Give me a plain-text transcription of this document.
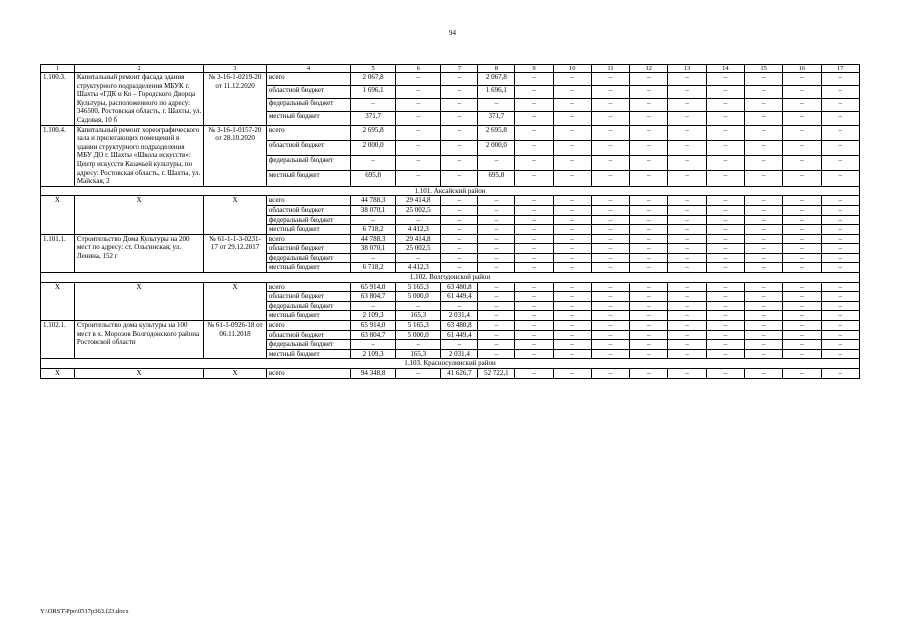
94
1	2	3	4	5	6	7	8	9	10	11	12	13	14	15	16	17
1.100.3.	Капитальный ремонт фасада здания структурного подразделения МБУК г. Шахты «ГДК и Ко – Городского Дворца Культуры, расположенного по адресу: 346500, Ростовская область, г. Шахты, ул. Садовая, 10 б	№ 3-16-1-0219-20 от 11.12.2020	всего	2 067,8	–	–	2 067,8	–	–	–	–	–	–	–	–	–
			областной бюджет	1 696,1	–	–	1 696,1	–	–	–	–	–	–	–	–	–
			федеральный бюджет	–	–	–	–	–	–	–	–	–	–	–	–	–
			местный бюджет	371,7	–	–	371,7	–	–	–	–	–	–	–	–	–
1.100.4.	Капитальный ремонт хореографического зала и прилегающих помещений в здании структурного подразделения МБУ ДО г. Шахты «Школа искусств»: Центр искусств Казачьей культуры, по адресу: Ростовская область, г. Шахты, ул. Майская, 2	№ 3-16-1-0157-20 от 28.10.2020	всего	2 695,8	–	–	2 695,8	–	–	–	–	–	–	–	–	–
			областной бюджет	2 000,0	–	–	2 000,0	–	–	–	–	–	–	–	–	–
			федеральный бюджет	–	–	–	–	–	–	–	–	–	–	–	–	–
			местный бюджет	695,8	–	–	695,8	–	–	–	–	–	–	–	–	–
1.101. Аксайский район																
X	X	X	всего	44 788,3	29 414,8	–	–	–	–	–	–	–	–	–	–	–
			областной бюджет	38 070,1	25 002,5	–	–	–	–	–	–	–	–	–	–	–
			федеральный бюджет	–	–	–	–	–	–	–	–	–	–	–	–	–
			местный бюджет	6 718,2	4 412,3	–	–	–	–	–	–	–	–	–	–	–
1.101.1.	Строительство Дома Культуры на 200 мест по адресу: ст. Ольгинская, ул. Ленина, 152 г	№ 61-1-1-3-0231-17 от 29.12.2017	всего	44 788,3	29 414,8	–	–	–	–	–	–	–	–	–	–	–
			областной бюджет	38 070,1	25 002,5	–	–	–	–	–	–	–	–	–	–	–
			федеральный бюджет	–	–	–	–	–	–	–	–	–	–	–	–	–
			местный бюджет	6 718,2	4 412,3	–	–	–	–	–	–	–	–	–	–	–
1.102. Волгодонской район																
X	X	X	всего	65 914,0	5 165,3	63 480,8	–	–	–	–	–	–	–	–	–	–
			областной бюджет	63 804,7	5 000,0	61 449,4	–	–	–	–	–	–	–	–	–	–
			федеральный бюджет	–	–	–	–	–	–	–	–	–	–	–	–	–
			местный бюджет	2 109,3	165,3	2 031,4	–	–	–	–	–	–	–	–	–	–
1.102.1.	Строительство дома культуры на 100 мест в х. Морозов Волгодонского района Ростовской области	№ 61-1-0926-18 от 06.11.2018	всего	65 914,0	5 165,3	63 480,8	–	–	–	–	–	–	–	–	–	–
			областной бюджет	63 804,7	5 000,0	61 449,4	–	–	–	–	–	–	–	–	–	–
			федеральный бюджет	–	–	–	–	–	–	–	–	–	–	–	–	–
			местный бюджет	2 109,3	165,3	2 031,4	–	–	–	–	–	–	–	–	–	–
1.103. Красносулинский район																
X	X	X	всего	94 348,8	–	41 626,7	52 722,1	–	–	–	–	–	–	–	–	–
Y:\ORST\Ppo\0517p363.f23.docx
